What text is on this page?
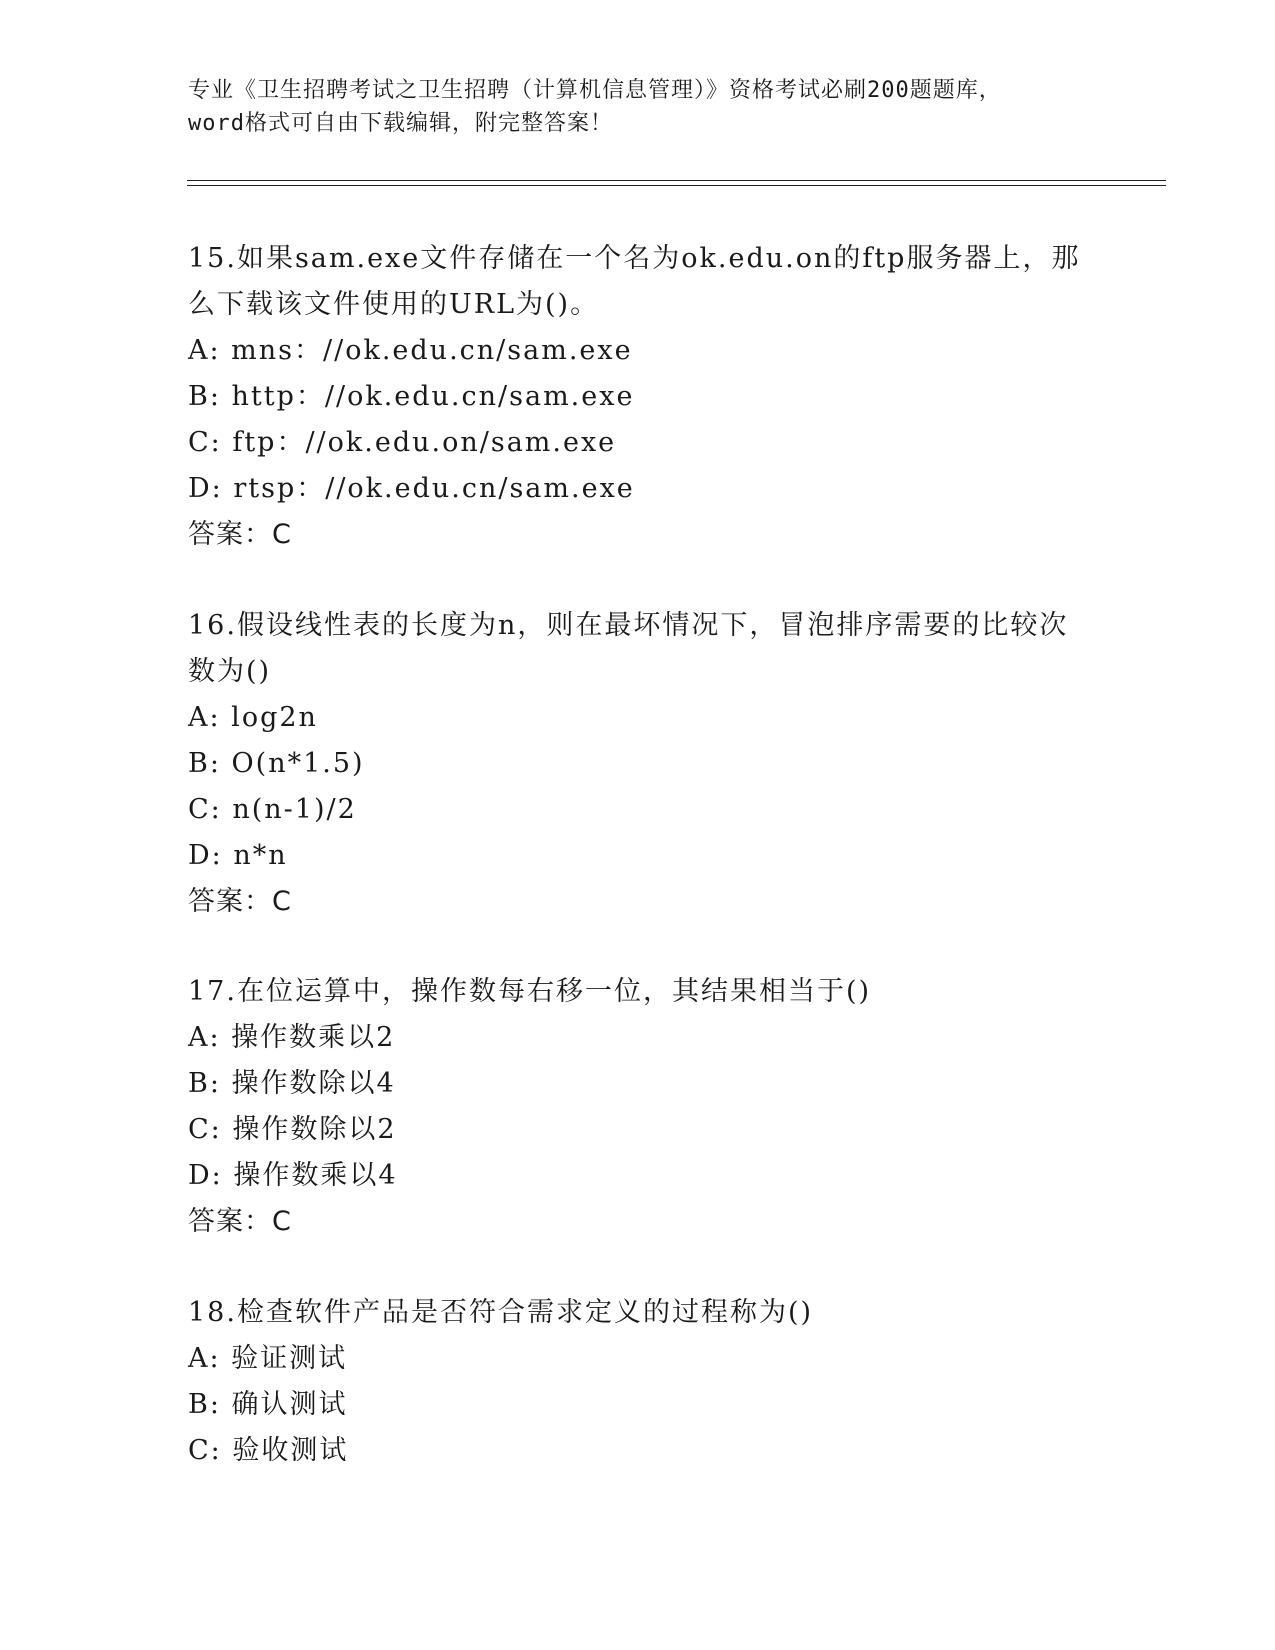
专业《卫生招聘考试之卫生招聘（计算机信息管理）》资格考试必刷200题题库，
word格式可自由下载编辑，附完整答案！
15.如果sam.exe文件存储在一个名为ok.edu.on的ftp服务器上，那
么下载该文件使用的URL为()。
A: mns：//ok.edu.cn/sam.exe
B: http：//ok.edu.cn/sam.exe
C: ftp：//ok.edu.on/sam.exe
D: rtsp：//ok.edu.cn/sam.exe
答案：C
16.假设线性表的长度为n，则在最坏情况下，冒泡排序需要的比较次
数为()
A: log2n
B: O(n*1.5)
C: n(n-1)/2
D: n*n
答案：C
17.在位运算中，操作数每右移一位，其结果相当于()
A: 操作数乘以2
B: 操作数除以4
C: 操作数除以2
D: 操作数乘以4
答案：C
18.检查软件产品是否符合需求定义的过程称为()
A: 验证测试
B: 确认测试
C: 验收测试
